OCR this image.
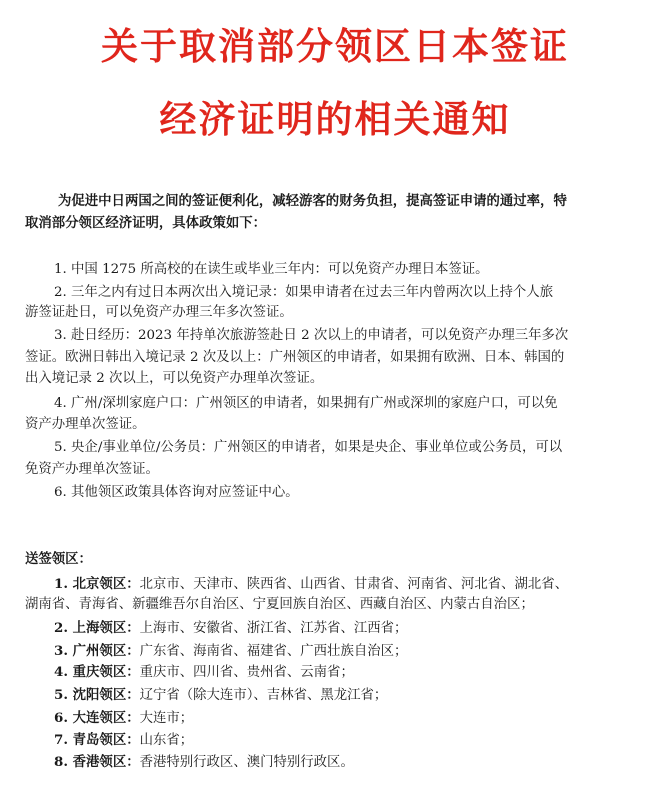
关于取消部分领区日本签证
经济证明的相关通知
为促进中日两国之间的签证便利化，减轻游客的财务负担，提高签证申请的通过率，特
取消部分领区经济证明，具体政策如下：
1. 中国 1275 所高校的在读生或毕业三年内：可以免资产办理日本签证。
2. 三年之内有过日本两次出入境记录：如果申请者在过去三年内曾两次以上持个人旅
游签证赴日，可以免资产办理三年多次签证。
3. 赴日经历：2023 年持单次旅游签赴日 2 次以上的申请者，可以免资产办理三年多次
签证。欧洲日韩出入境记录 2 次及以上：广州领区的申请者，如果拥有欧洲、日本、韩国的
出入境记录 2 次以上，可以免资产办理单次签证。
4. 广州/深圳家庭户口：广州领区的申请者，如果拥有广州或深圳的家庭户口，可以免
资产办理单次签证。
5. 央企/事业单位/公务员：广州领区的申请者，如果是央企、事业单位或公务员，可以
免资产办理单次签证。
6. 其他领区政策具体咨询对应签证中心。
送签领区：
1. 北京领区：北京市、天津市、陕西省、山西省、甘肃省、河南省、河北省、湖北省、
湖南省、青海省、新疆维吾尔自治区、宁夏回族自治区、西藏自治区、内蒙古自治区；
2. 上海领区：上海市、安徽省、浙江省、江苏省、江西省；
3. 广州领区：广东省、海南省、福建省、广西壮族自治区；
4. 重庆领区：重庆市、四川省、贵州省、云南省；
5. 沈阳领区：辽宁省（除大连市）、吉林省、黑龙江省；
6. 大连领区：大连市；
7. 青岛领区：山东省；
8. 香港领区：香港特别行政区、澳门特别行政区。
